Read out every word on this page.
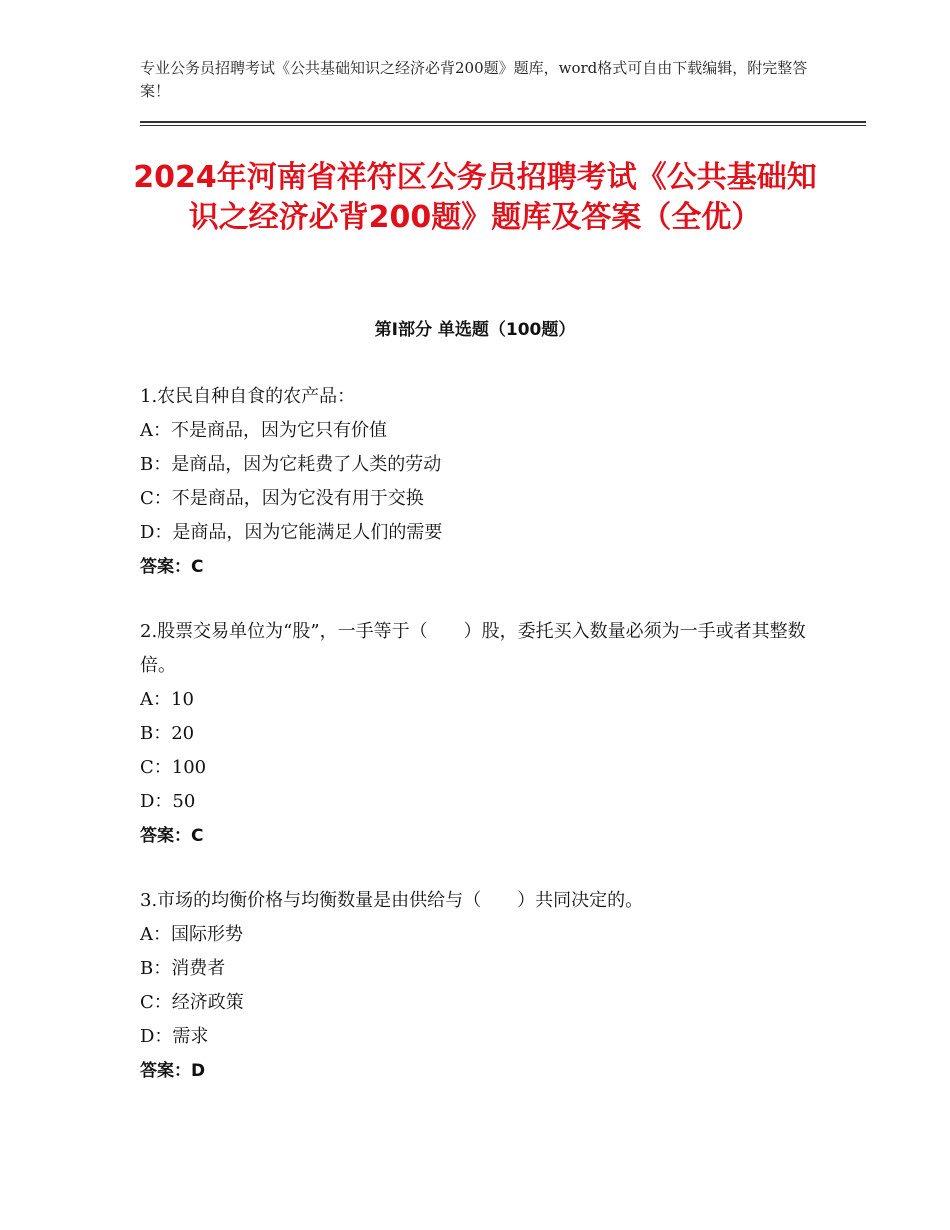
专业公务员招聘考试《公共基础知识之经济必背200题》题库，word格式可自由下载编辑，附完整答案！
2024年河南省祥符区公务员招聘考试《公共基础知识之经济必背200题》题库及答案（全优）
第Ⅰ部分 单选题（100题）
1.农民自种自食的农产品：
A：不是商品，因为它只有价值
B：是商品，因为它耗费了人类的劳动
C：不是商品，因为它没有用于交换
D：是商品，因为它能满足人们的需要
答案：C
2.股票交易单位为“股”，一手等于（　　）股，委托买入数量必须为一手或者其整数倍。
A：10
B：20
C：100
D：50
答案：C
3.市场的均衡价格与均衡数量是由供给与（　　）共同决定的。
A：国际形势
B：消费者
C：经济政策
D：需求
答案：D
